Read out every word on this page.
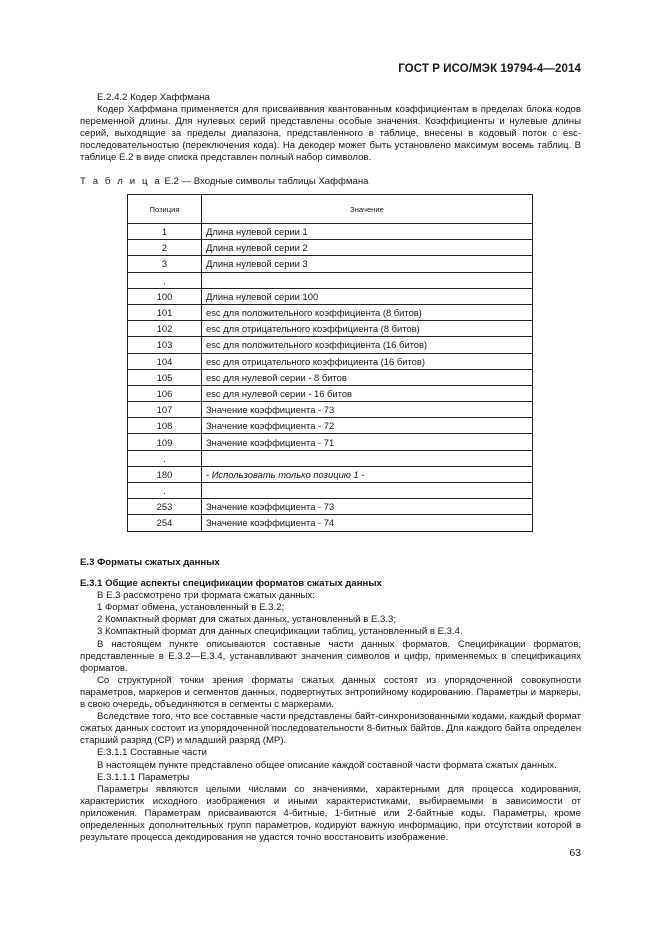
ГОСТ Р ИСО/МЭК 19794-4—2014

E.2.4.2 Кодер Хаффмана

Кодер Хаффмана применяется для присваивания квантованным коэффициентам в пределах блока кодов переменной длины. Для нулевых серий представлены особые значения. Коэффициенты и нулевые длины серий, выходящие за пределы диапазона, представленного в таблице, внесены в кодовый поток с esc-последовательностью (переключения кода). На декодер может быть установлено максимум восемь таблиц. В таблице Е.2 в виде списка представлен полный набор символов.

Т а б л и ц а Е.2 — Входные символы таблицы Хаффмана
Позиция	Значение
1	Длина нулевой серии 1
2	Длина нулевой серии 2
3	Длина нулевой серии 3
.	
100	Длина нулевой серии 100
101	esc для положительного коэффициента (8 битов)
102	esc для отрицательного коэффициента (8 битов)
103	esc для положительного коэффициента (16 битов)
104	esc для отрицательного коэффициента (16 битов)
105	esc для нулевой серии - 8 битов
106	esc для нулевой серии - 16 битов
107	Значение коэффициента - 73
108	Значение коэффициента - 72
109	Значение коэффициента - 71
.	
180	- Использовать только позицию 1 -
.	
253	Значение коэффициента - 73
254	Значение коэффициента - 74

Е.3 Форматы сжатых данных

Е.3.1 Общие аспекты спецификации форматов сжатых данных

В Е.3 рассмотрено три формата сжатых данных:

1 Формат обмена, установленный в Е.3.2;

2 Компактный формат для сжатых данных, установленный в Е.3.3;

3 Компактный формат для данных спецификации таблиц, установленный в Е.3.4.

В настоящем пункте описываются составные части данных форматов. Спецификации форматов, представленные в Е.3.2—Е.3.4, устанавливают значения символов и цифр, применяемых в спецификациях форматов.

Со структурной точки зрения форматы сжатых данных состоят из упорядоченной совокупности параметров, маркеров и сегментов данных, подвергнутых энтропийному кодированию. Параметры и маркеры, в свою очередь, объединяются в сегменты с маркерами.

Вследствие того, что все составные части представлены байт-синхронизованными кодами, каждый формат сжатых данных состоит из упорядоченной последовательности 8-битных байтов. Для каждого байта определен старший разряд (СР) и младший разряд (МР).

Е.3.1.1 Составные части

В настоящем пункте представлено общее описание каждой составной части формата сжатых данных.

Е.3.1.1.1 Параметры

Параметры являются целыми числами со значениями, характерными для процесса кодирования, характеристик исходного изображения и иными характеристиками, выбираемыми в зависимости от приложения. Параметрам присваиваются 4-битные, 1-битные или 2-байтные коды. Параметры, кроме определенных дополнительных групп параметров, кодируют важную информацию, при отсутствии которой в результате процесса декодирования не удастся точно восстановить изображение.

63
